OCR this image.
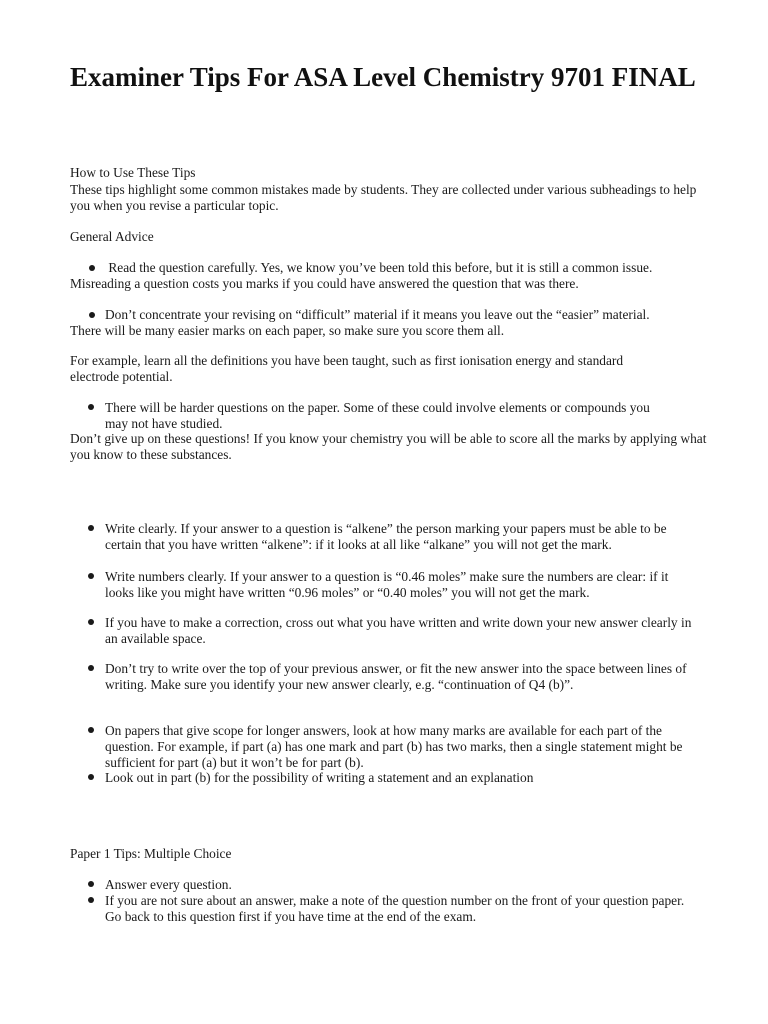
Examiner Tips For ASA Level Chemistry 9701 FINAL
How to Use These Tips
These tips highlight some common mistakes made by students. They are collected under various subheadings to help you when you revise a particular topic.
General Advice
Read the question carefully. Yes, we know you’ve been told this before, but it is still a common issue. Misreading a question costs you marks if you could have answered the question that was there.
Don’t concentrate your revising on “difficult” material if it means you leave out the “easier” material. There will be many easier marks on each paper, so make sure you score them all.
For example, learn all the definitions you have been taught, such as first ionisation energy and standard electrode potential.
There will be harder questions on the paper. Some of these could involve elements or compounds you may not have studied.
Don’t give up on these questions! If you know your chemistry you will be able to score all the marks by applying what you know to these substances.
Write clearly. If your answer to a question is “alkene” the person marking your papers must be able to be certain that you have written “alkene”: if it looks at all like “alkane” you will not get the mark.
Write numbers clearly. If your answer to a question is “0.46 moles” make sure the numbers are clear: if it looks like you might have written “0.96 moles” or “0.40 moles” you will not get the mark.
If you have to make a correction, cross out what you have written and write down your new answer clearly in an available space.
Don’t try to write over the top of your previous answer, or fit the new answer into the space between lines of writing. Make sure you identify your new answer clearly, e.g. “continuation of Q4 (b)”.
On papers that give scope for longer answers, look at how many marks are available for each part of the question. For example, if part (a) has one mark and part (b) has two marks, then a single statement might be sufficient for part (a) but it won’t be for part (b).
Look out in part (b) for the possibility of writing a statement and an explanation
Paper 1 Tips: Multiple Choice
Answer every question.
If you are not sure about an answer, make a note of the question number on the front of your question paper. Go back to this question first if you have time at the end of the exam.
